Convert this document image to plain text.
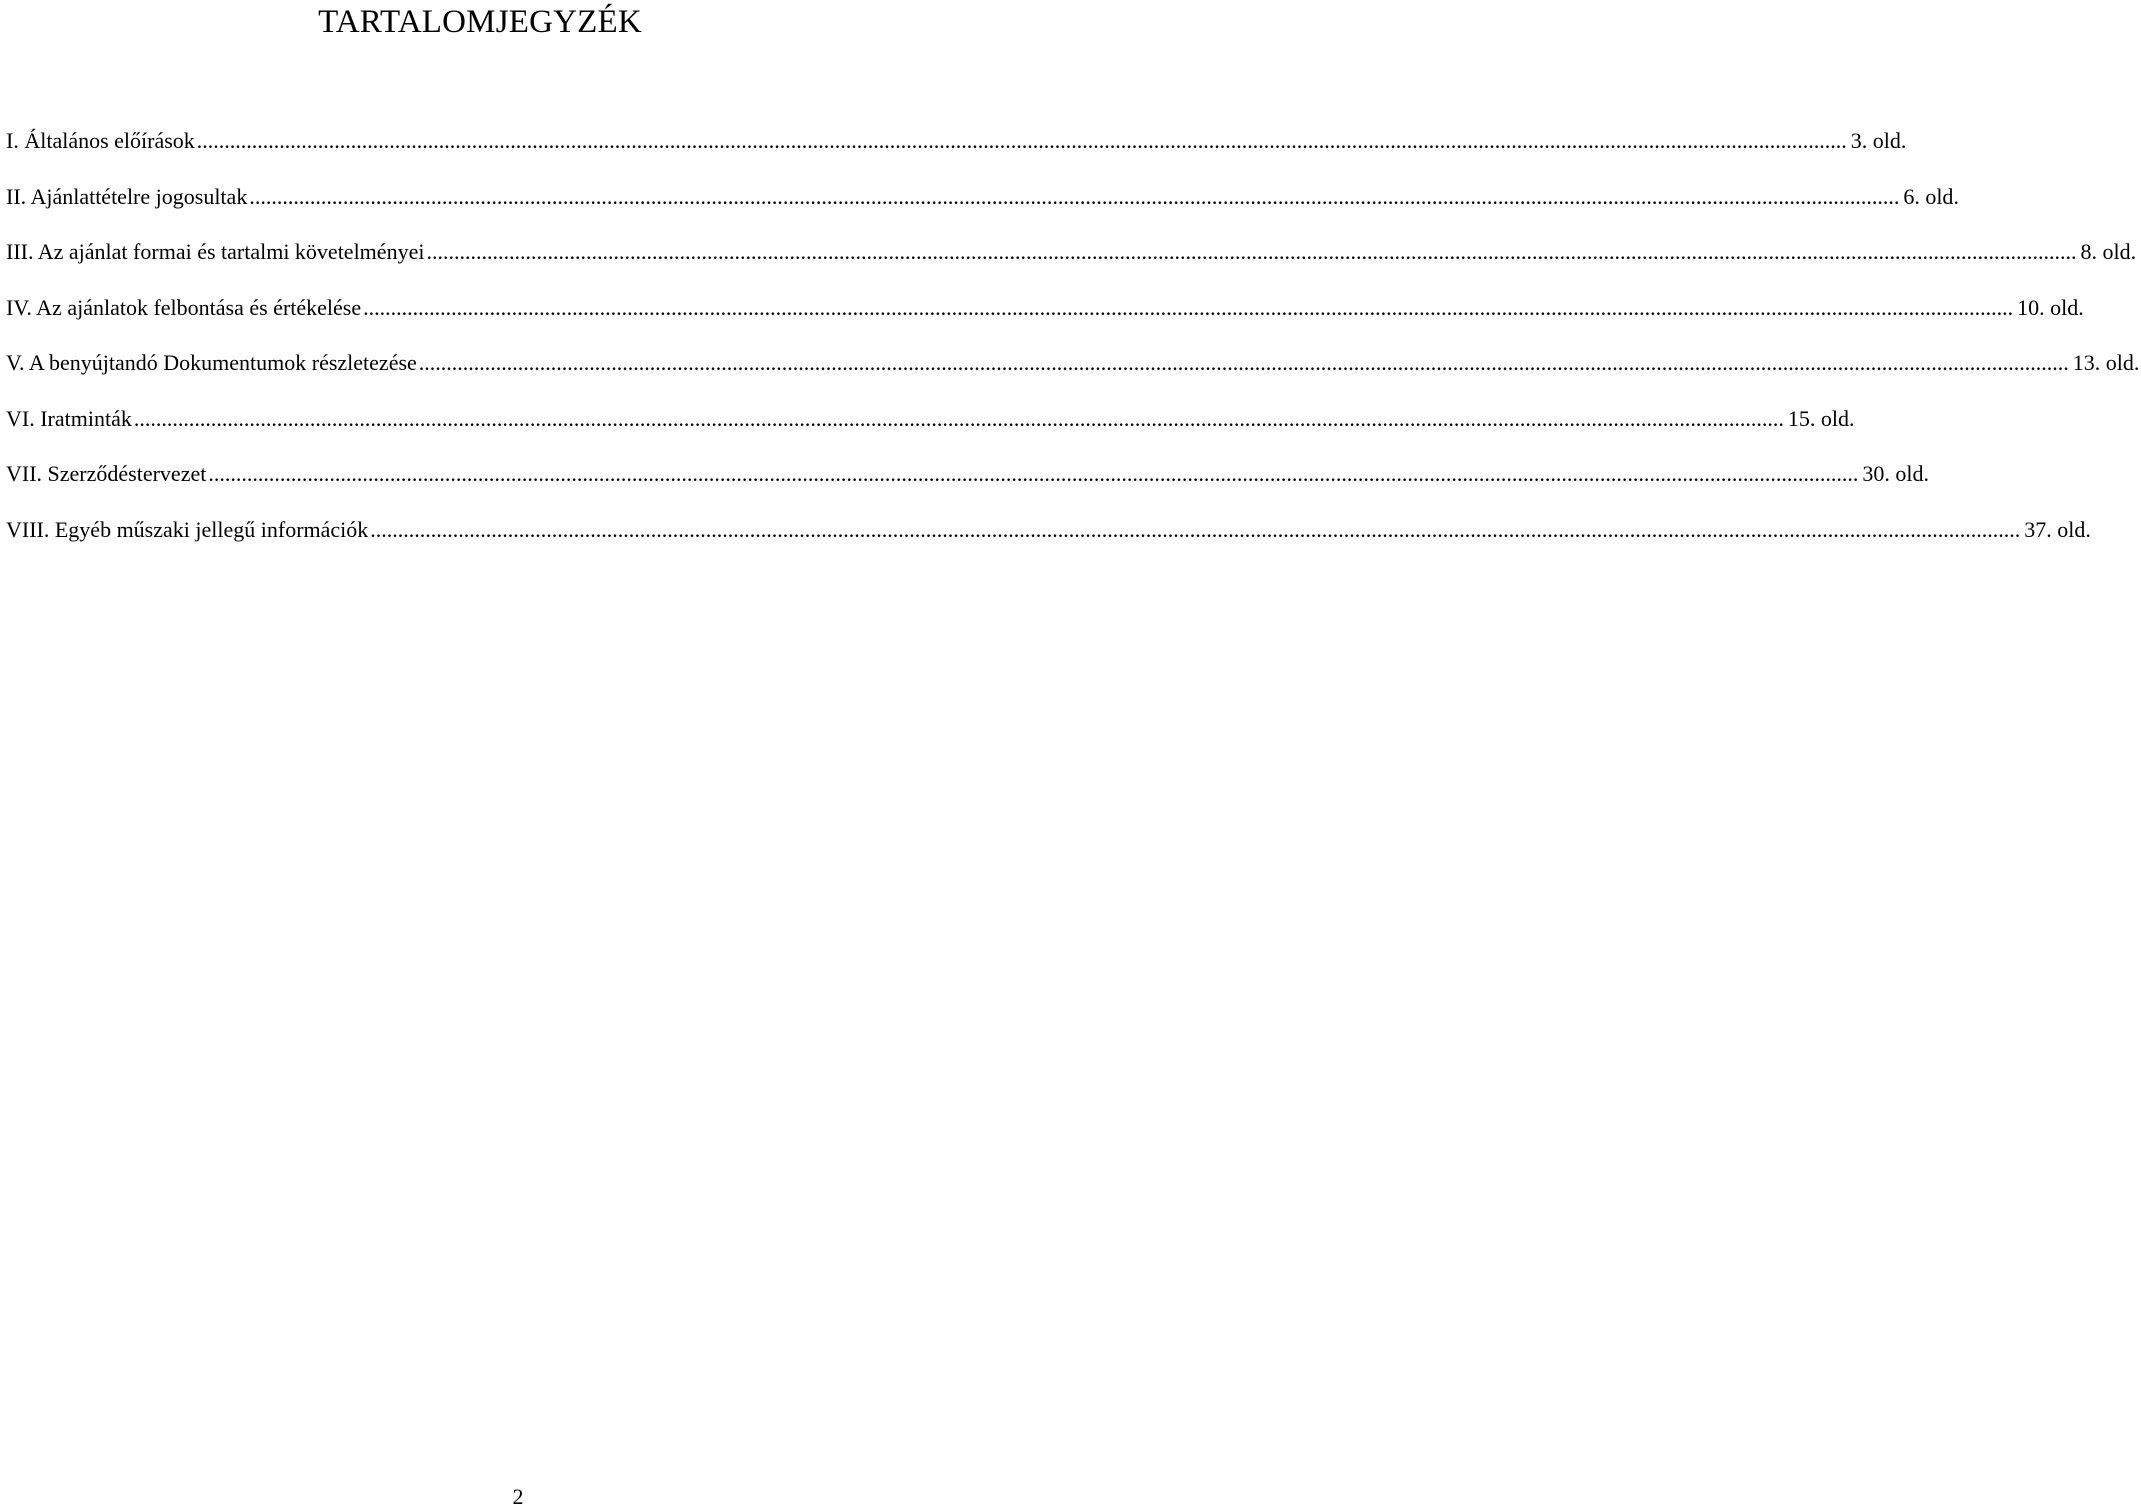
TARTALOMJEGYZÉK
I. Általános előírások ............................................................................................................................................................................................................................................................................................................ 3. old.
II. Ajánlattételre jogosultak ............................................................................................................................................................................................................................................................................................................ 6. old.
III. Az ajánlat formai és tartalmi követelményei ............................................................................................................................................................................................................................................................................................................ 8. old.
IV. Az ajánlatok felbontása és értékelése ............................................................................................................................................................................................................................................................................................................ 10. old.
V. A benyújtandó Dokumentumok részletezése ............................................................................................................................................................................................................................................................................................................ 13. old.
VI. Iratminták ............................................................................................................................................................................................................................................................................................................ 15. old.
VII. Szerződéstervezet ............................................................................................................................................................................................................................................................................................................ 30. old.
VIII. Egyéb műszaki jellegű információk ............................................................................................................................................................................................................................................................................................................ 37. old.
2
